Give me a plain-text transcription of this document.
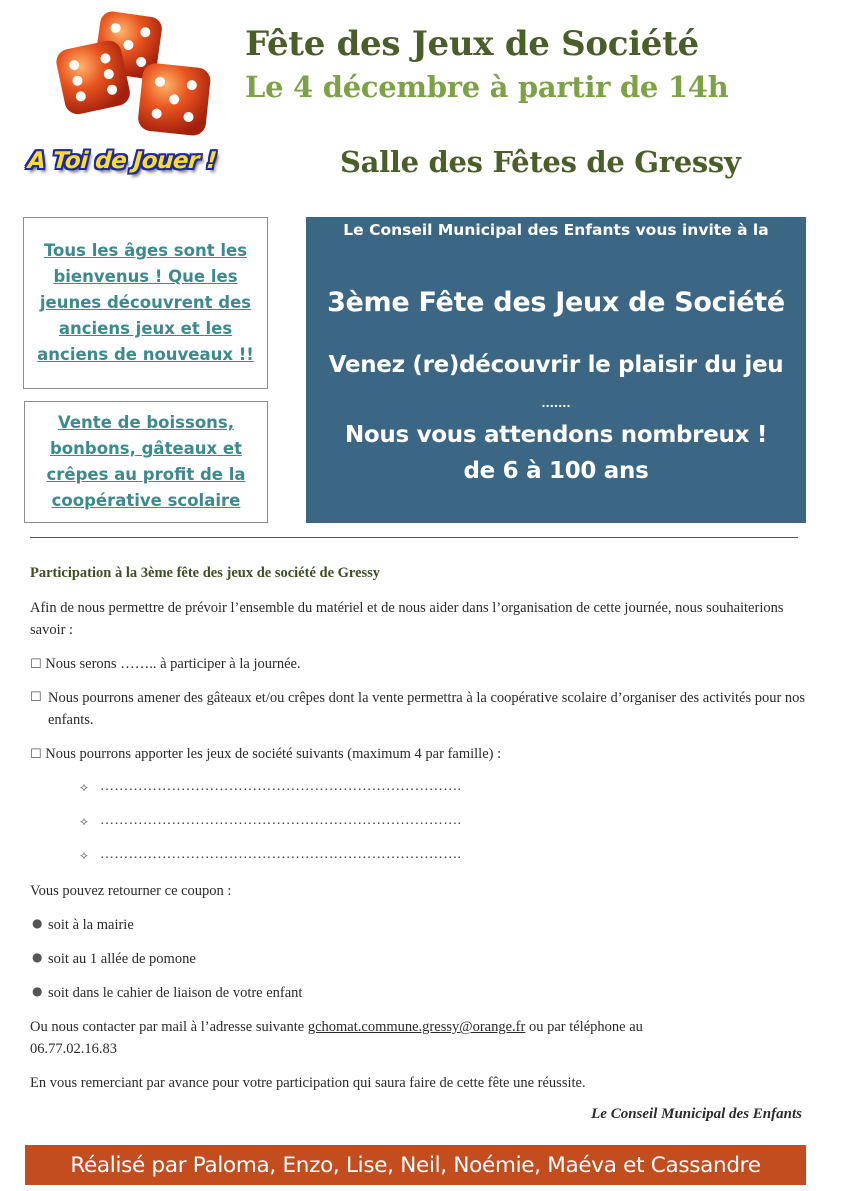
Fête des Jeux de Société
Le 4 décembre à partir de 14h
A Toi de Jouer !	Salle des Fêtes de Gressy
Tous les âges sont les bienvenus ! Que les jeunes découvrent des anciens jeux et les anciens de nouveaux !!
Vente de boissons, bonbons, gâteaux et crêpes au profit de la coopérative scolaire
Le Conseil Municipal des Enfants vous invite à la
3ème Fête des Jeux de Société
Venez (re)découvrir le plaisir du jeu
.......
Nous vous attendons nombreux !
de 6 à 100 ans
Participation à la 3ème fête des jeux de société de Gressy
Afin de nous permettre de prévoir l’ensemble du matériel et de nous aider dans l’organisation de cette journée, nous souhaiterions savoir :
☐ Nous serons …….. à participer à la journée.
☐ Nous pourrons amener des gâteaux et/ou crêpes dont la vente permettra à la coopérative scolaire d’organiser des activités pour nos enfants.
☐ Nous pourrons apporter les jeux de société suivants (maximum 4 par famille) :
⟡ ………………………………………………………………….
⟡ ………………………………………………………………….
⟡ ………………………………………………………………….
Vous pouvez retourner ce coupon :
● soit à la mairie
● soit au 1 allée de pomone
● soit dans le cahier de liaison de votre enfant
Ou nous contacter par mail à l’adresse suivante gchomat.commune.gressy@orange.fr ou par téléphone au
06.77.02.16.83
En vous remerciant par avance pour votre participation qui saura faire de cette fête une réussite.
Le Conseil Municipal des Enfants
Réalisé par Paloma, Enzo, Lise, Neil, Noémie, Maéva et Cassandre
